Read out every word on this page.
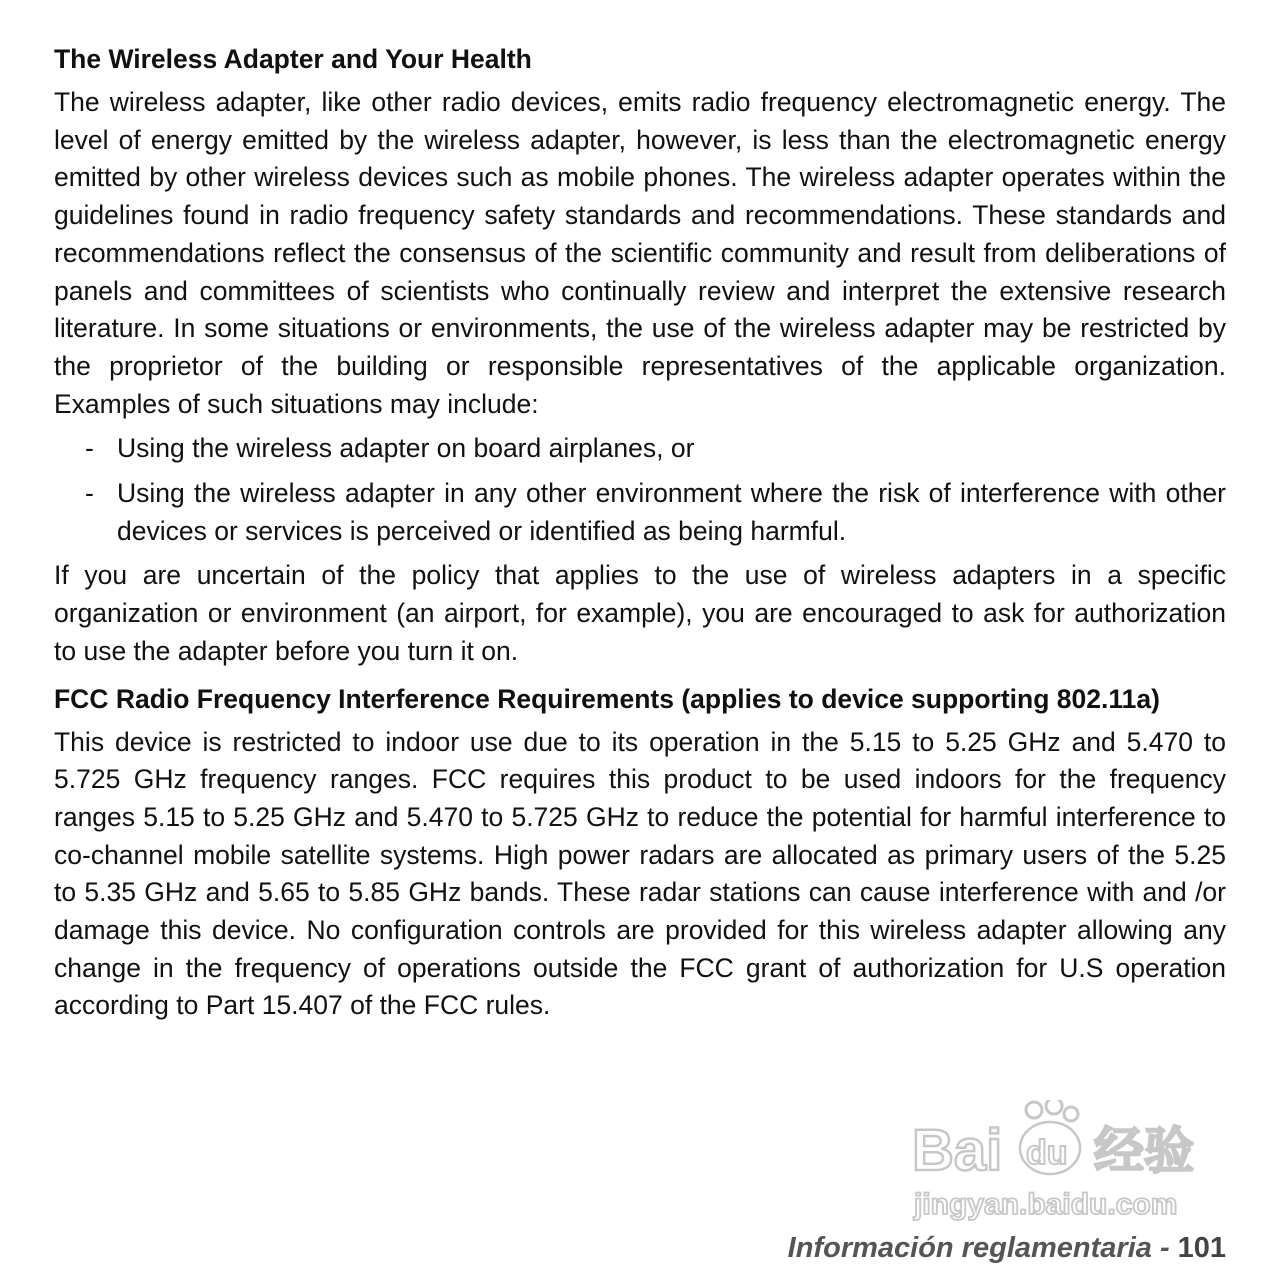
The Wireless Adapter and Your Health

The wireless adapter, like other radio devices, emits radio frequency electromagnetic energy. The level of energy emitted by the wireless adapter, however, is less than the electromagnetic energy emitted by other wireless devices such as mobile phones. The wireless adapter operates within the guidelines found in radio frequency safety standards and recommendations. These standards and recommendations reflect the consensus of the scientific community and result from deliberations of panels and committees of scientists who continually review and interpret the extensive research literature. In some situations or environments, the use of the wireless adapter may be restricted by the proprietor of the building or responsible representatives of the applicable organization. Examples of such situations may include:

- Using the wireless adapter on board airplanes, or
- Using the wireless adapter in any other environment where the risk of interference with other devices or services is perceived or identified as being harmful.

If you are uncertain of the policy that applies to the use of wireless adapters in a specific organization or environment (an airport, for example), you are encouraged to ask for authorization to use the adapter before you turn it on.

FCC Radio Frequency Interference Requirements (applies to device supporting 802.11a)

This device is restricted to indoor use due to its operation in the 5.15 to 5.25 GHz and 5.470 to 5.725 GHz frequency ranges. FCC requires this product to be used indoors for the frequency ranges 5.15 to 5.25 GHz and 5.470 to 5.725 GHz to reduce the potential for harmful interference to co-channel mobile satellite systems. High power radars are allocated as primary users of the 5.25 to 5.35 GHz and 5.65 to 5.85 GHz bands. These radar stations can cause interference with and /or damage this device. No configuration controls are provided for this wireless adapter allowing any change in the frequency of operations outside the FCC grant of authorization for U.S operation according to Part 15.407 of the FCC rules.

Bai du 经验
jingyan.baidu.com
Información reglamentaria - 101
